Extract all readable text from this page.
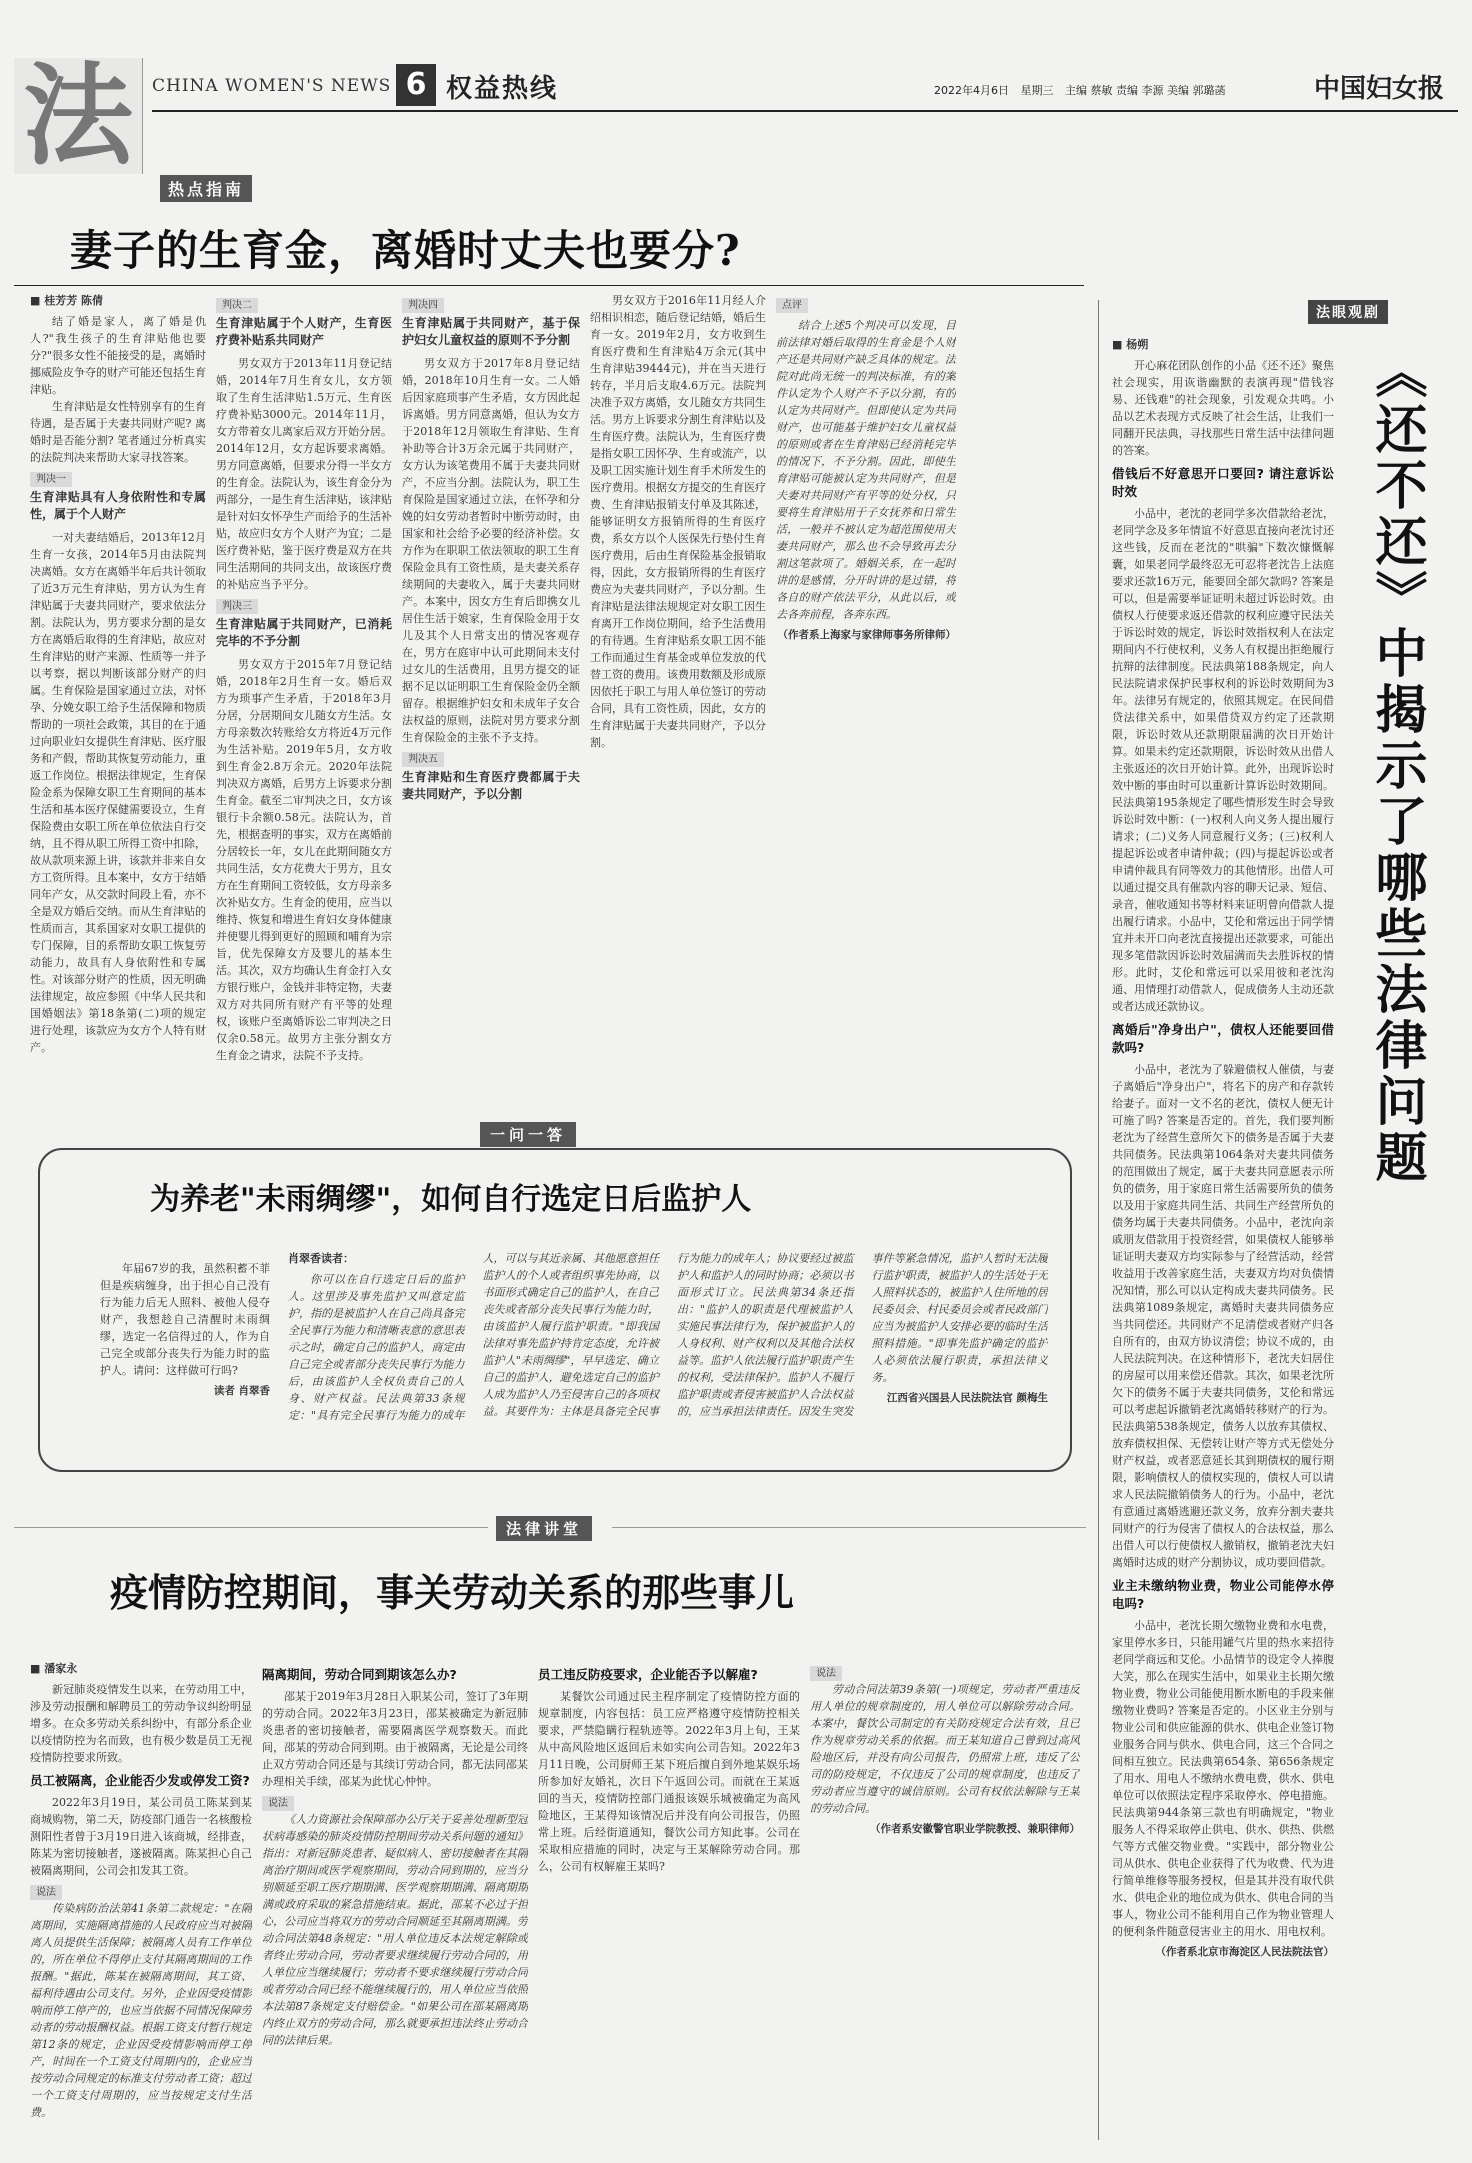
法	CHINA WOMEN'S NEWS 6 权益热线	2022年4月6日 星期三 主编 蔡敏 责编 李源 美编 郭璐菡	中国妇女报
热点指南
妻子的生育金，离婚时丈夫也要分?
■ 桂芳芳 陈倩

结了婚是家人，离了婚是仇人?"我生孩子的生育津贴他也要分?"很多女性不能接受的是，离婚时挪威险皮争夺的财产可能还包括生育津贴。

生育津贴是女性特别享有的生育待遇，是否属于夫妻共同财产呢? 离婚时是否能分割? 笔者通过分析真实的法院判决来帮助大家寻找答案。

判决一
生育津贴具有人身依附性和专属性，属于个人财产

一对夫妻结婚后，2013年12月生育一女孩，2014年5月由法院判决离婚。女方在离婚半年后共计领取了近3万元生育津贴，男方认为生育津贴属于夫妻共同财产，要求依法分割。法院认为，男方要求分割的是女方在离婚后取得的生育津贴，故应对生育津贴的财产来源、性质等一并予以考察，据以判断该部分财产的归属。生育保险是国家通过立法，对怀孕、分娩女职工给予生活保障和物质帮助的一项社会政策，其目的在于通过向职业妇女提供生育津贴、医疗服务和产假，帮助其恢复劳动能力，重返工作岗位。根据法律规定，生育保险金系为保障女职工生育期间的基本生活和基本医疗保健需要设立，生育保险费由女职工所在单位依法自行交纳，且不得从职工所得工资中扣除，故从款项来源上讲，该款并非来自女方工资所得。且本案中，女方于结婚同年产女，从交款时间段上看，亦不全是双方婚后交纳。而从生育津贴的性质而言，其系国家对女职工提供的专门保障，目的系帮助女职工恢复劳动能力，故具有人身依附性和专属性。对该部分财产的性质，因无明确法律规定，故应参照《中华人民共和国婚姻法》第18条第(二)项的规定进行处理，该款应为女方个人特有财产。

判决二
生育津贴属于个人财产，生育医疗费补贴系共同财产

男女双方于2013年11月登记结婚，2014年7月生育女儿，女方领取了生育生活津贴1.5万元、生育医疗费补贴3000元。2014年11月，女方带着女儿离家后双方开始分居。2014年12月，女方起诉要求离婚。男方同意离婚，但要求分得一半女方的生育金。法院认为，该生育金分为两部分，一是生育生活津贴，该津贴是针对妇女怀孕生产而给予的生活补贴，故应归女方个人财产为宜；二是医疗费补贴，鉴于医疗费是双方在共同生活期间的共同支出，故该医疗费的补贴应当予平分。

判决三
生育津贴属于共同财产，已消耗完毕的不予分割

男女双方于2015年7月登记结婚，2018年2月生育一女。婚后双方为琐事产生矛盾，于2018年3月分居，分居期间女儿随女方生活。女方母亲数次转账给女方将近4万元作为生活补贴。2019年5月，女方收到生育金2.8万余元。2020年法院判决双方离婚，后男方上诉要求分割生育金。截至二审判决之日，女方该银行卡余额0.58元。法院认为，首先，根据查明的事实，双方在离婚前分居较长一年，女儿在此期间随女方共同生活，女方花费大于男方，且女方在生育期间工资较低，女方母亲多次补贴女方。生育金的使用，应当以维持、恢复和增进生育妇女身体健康并使婴儿得到更好的照顾和哺育为宗旨，优先保障女方及婴儿的基本生活。其次，双方均确认生育金打入女方银行账户，金钱并非特定物，夫妻双方对共同所有财产有平等的处理权，该账户至离婚诉讼二审判决之日仅余0.58元。故男方主张分割女方生育金之请求，法院不予支持。

判决四
生育津贴属于共同财产，基于保护妇女儿童权益的原则不予分割

男女双方于2017年8月登记结婚，2018年10月生育一女。二人婚后因家庭琐事产生矛盾，女方因此起诉离婚。男方同意离婚，但认为女方于2018年12月领取生育津贴、生育补助等合计3万余元属于共同财产，女方认为该笔费用不属于夫妻共同财产，不应当分割。法院认为，职工生育保险是国家通过立法，在怀孕和分娩的妇女劳动者暂时中断劳动时，由国家和社会给予必要的经济补偿。女方作为在职职工依法领取的职工生育保险金具有工资性质，是夫妻关系存续期间的夫妻收入，属于夫妻共同财产。本案中，因女方生育后即携女儿居住生活于娘家，生育保险金用于女儿及其个人日常支出的情况客观存在，男方在庭审中认可此期间未支付过女儿的生活费用，且男方提交的证据不足以证明职工生育保险金仍全额留存。根据维护妇女和未成年子女合法权益的原则，法院对男方要求分割生育保险金的主张不予支持。

判决五
生育津贴和生育医疗费都属于夫妻共同财产，予以分割

男女双方于2016年11月经人介绍相识相恋，随后登记结婚，婚后生育一女。2019年2月，女方收到生育医疗费和生育津贴4万余元(其中生育津贴39444元)，并在当天进行转存，半月后支取4.6万元。法院判决准予双方离婚，女儿随女方共同生活。男方上诉要求分割生育津贴以及生育医疗费。法院认为，生育医疗费是指女职工因怀孕、生育或流产，以及职工因实施计划生育手术所发生的医疗费用。根据女方提交的生育医疗费、生育津贴报销支付单及其陈述，能够证明女方报销所得的生育医疗费，系女方以个人医保先行垫付生育医疗费用，后由生育保险基金报销取得，因此，女方报销所得的生育医疗费应为夫妻共同财产，予以分割。生育津贴是法律法规规定对女职工因生育离开工作岗位期间，给予生活费用的有待遇。生育津贴系女职工因不能工作而通过生育基金或单位发放的代替工资的费用。该费用数额及形成原因依托于职工与用人单位签订的劳动合同，具有工资性质，因此，女方的生育津贴属于夫妻共同财产，予以分割。

点评

结合上述5个判决可以发现，目前法律对婚后取得的生育金是个人财产还是共同财产缺乏具体的规定。法院对此尚无统一的判决标准，有的案件认定为个人财产不予以分割，有的认定为共同财产。但即使认定为共同财产，也可能基于维护妇女儿童权益的原则或者在生育津贴已经消耗完毕的情况下，不予分割。因此，即使生育津贴可能被认定为共同财产，但是夫妻对共同财产有平等的处分权，只要将生育津贴用于子女抚养和日常生活，一般并不被认定为超范围使用夫妻共同财产，那么也不会导致再去分割这笔款项了。婚姻关系，在一起时讲的是感情，分开时讲的是过错，将各自的财产依法平分，从此以后，或去各奔前程，各奔东西。

（作者系上海家与家律师事务所律师）
法眼观剧
■ 杨朔

开心麻花团队创作的小品《还不还》聚焦社会现实，用诙谐幽默的表演再现"借钱容易、还钱难"的社会现象，引发观众共鸣。小品以艺术表现方式反映了社会生活，让我们一同翻开民法典，寻找那些日常生活中法律问题的答案。

借钱后不好意思开口要回? 请注意诉讼时效

小品中，老沈的老同学多次借款给老沈，老同学念及多年情谊不好意思直接向老沈讨还这些钱，反而在老沈的"哄骗"下数次慷慨解囊，如果老同学最终忍无可忍将老沈告上法庭要求还款16万元，能要回全部欠款吗? 答案是可以，但是需要举证证明未超过诉讼时效。由债权人行使要求返还借款的权利应遵守民法关于诉讼时效的规定，诉讼时效指权利人在法定期间内不行使权利，义务人有权提出拒绝履行抗辩的法律制度。民法典第188条规定，向人民法院请求保护民事权利的诉讼时效期间为3年。法律另有规定的，依照其规定。在民间借贷法律关系中，如果借贷双方约定了还款期限，诉讼时效从还款期限届满的次日开始计算。如果未约定还款期限，诉讼时效从出借人主张返还的次日开始计算。此外，出现诉讼时效中断的事由时可以重新计算诉讼时效期间。民法典第195条规定了哪些情形发生时会导致诉讼时效中断：(一)权利人向义务人提出履行请求；(二)义务人同意履行义务；(三)权利人提起诉讼或者申请仲裁；(四)与提起诉讼或者申请仲裁具有同等效力的其他情形。出借人可以通过提交具有催款内容的聊天记录、短信、录音，催收通知书等材料来证明曾向借款人提出履行请求。小品中，艾伦和常远出于同学情宜并未开口向老沈直接提出还款要求，可能出现多笔借款因诉讼时效届满而失去胜诉权的情形。此时，艾伦和常远可以采用彼和老沈沟通、用情理打动借款人，促成债务人主动还款或者达成还款协议。

离婚后"净身出户"，债权人还能要回借款吗?

小品中，老沈为了躲避债权人催债，与妻子离婚后"净身出户"，将名下的房产和存款转给妻子。面对一文不名的老沈，债权人便无计可施了吗? 答案是否定的。首先，我们要判断老沈为了经营生意所欠下的债务是否属于夫妻共同债务。民法典第1064条对夫妻共同债务的范围做出了规定，属于夫妻共同意愿表示所负的债务，用于家庭日常生活需要所负的债务以及用于家庭共同生活、共同生产经营所负的债务均属于夫妻共同债务。小品中，老沈向亲戚朋友借款用于投资经营，如果债权人能够举证证明夫妻双方均实际参与了经营活动，经营收益用于改善家庭生活，夫妻双方均对负债情况知情，那么可以认定构成夫妻共同债务。民法典第1089条规定，离婚时夫妻共同债务应当共同偿还。共同财产不足清偿或者财产归各自所有的，由双方协议清偿；协议不成的，由人民法院判决。在这种情形下，老沈夫妇居住的房屋可以用来偿还借款。其次，如果老沈所欠下的债务不属于夫妻共同债务，艾伦和常远可以考虑起诉撤销老沈离婚转移财产的行为。民法典第538条规定，债务人以放弃其债权、放弃债权担保、无偿转让财产等方式无偿处分财产权益，或者恶意延长其到期债权的履行期限，影响债权人的债权实现的，债权人可以请求人民法院撤销债务人的行为。小品中，老沈有意通过离婚逃避还款义务，放弃分割夫妻共同财产的行为侵害了债权人的合法权益，那么出借人可以行使债权人撤销权，撤销老沈夫妇离婚时达成的财产分割协议，成功要回借款。

业主未缴纳物业费，物业公司能停水停电吗?

小品中，老沈长期欠缴物业费和水电费，家里停水多日，只能用罐气片里的热水来招待老同学商远和艾伦。小品情节的设定令人捧腹大笑，那么在现实生活中，如果业主长期欠缴物业费，物业公司能使用断水断电的手段来催缴物业费吗? 答案是否定的。小区业主分别与物业公司和供应能源的供水、供电企业签订物业服务合同与供水、供电合同，这三个合同之间相互独立。民法典第654条、第656条规定了用水、用电人不缴纳水费电费，供水、供电单位可以依照法定程序采取停水、停电措施。民法典第944条第三款也有明确规定，"物业服务人不得采取停止供电、供水、供热、供燃气等方式催交物业费。"实践中，部分物业公司从供水、供电企业获得了代为收费、代为进行简单维修等服务授权，但是其并没有取代供水、供电企业的地位成为供水、供电合同的当事人，物业公司不能利用自己作为物业管理人的便利条件随意侵害业主的用水、用电权利。

（作者系北京市海淀区人民法院法官）
《还不还》中揭示了哪些法律问题
一问一答
为养老"未雨绸缪"，如何自行选定日后监护人

年届67岁的我，虽然积蓄不菲但是疾病缠身，出于担心自己没有行为能力后无人照料、被他人侵夺财产，我想趁自己清醒时未雨绸缪，选定一名信得过的人，作为自己完全或部分丧失行为能力时的监护人。请问：这样做可行吗?

读者 肖翠香
肖翠香读者：

你可以在自行选定日后的监护人。这里涉及事先监护又叫意定监护，指的是被监护人在自己尚具备完全民事行为能力和清晰表意的意思表示之时，确定自己的监护人，商定由自己完全或者部分丧失民事行为能力后，由该监护人全权负责自己的人身、财产权益。民法典第33条规定："具有完全民事行为能力的成年人，可以与其近亲属、其他愿意担任监护人的个人或者组织事先协商，以书面形式确定自己的监护人，在自己丧失或者部分丧失民事行为能力时，由该监护人履行监护职责。"即我国法律对事先监护持肯定态度，允许被监护人"未雨绸缪"，早早选定、确立自己的监护人，避免选定自己的监护人成为监护人乃至侵害自己的各项权益。其要件为：主体是具备完全民事行为能力的成年人；协议要经过被监护人和监护人的同时协商；必须以书面形式订立。民法典第34条还指出："监护人的职责是代理被监护人实施民事法律行为，保护被监护人的人身权利、财产权利以及其他合法权益等。监护人依法履行监护职责产生的权利，受法律保护。监护人不履行监护职责或者侵害被监护人合法权益的，应当承担法律责任。因发生突发事件等紧急情况，监护人暂时无法履行监护职责，被监护人的生活处于无人照料状态的，被监护人住所地的居民委员会、村民委员会或者民政部门应当为被监护人安排必要的临时生活照料措施。"即事先监护确定的监护人必须依法履行职责，承担法律义务。

江西省兴国县人民法院法官 颜梅生
法律讲堂
疫情防控期间，事关劳动关系的那些事儿
■ 潘家永

新冠肺炎疫情发生以来，在劳动用工中，涉及劳动报酬和解聘员工的劳动争议纠纷明显增多。在众多劳动关系纠纷中，有部分系企业以疫情防控为名而致，也有极少数是员工无视疫情防控要求所致。

员工被隔离，企业能否少发或停发工资?

2022年3月19日，某公司员工陈某到某商城购物，第二天，防疫部门通告一名核酸检测阳性者曾于3月19日进入该商城，经排查，陈某为密切接触者，遂被隔离。陈某担心自己被隔离期间，公司会扣发其工资。

说法

传染病防治法第41条第二款规定："在隔离期间，实施隔离措施的人民政府应当对被隔离人员提供生活保障；被隔离人员有工作单位的，所在单位不得停止支付其隔离期间的工作报酬。"据此，陈某在被隔离期间，其工资、福利待遇由公司支付。另外，企业因受疫情影响而停工停产的，也应当依据不同情况保障劳动者的劳动报酬权益。根据工资支付暂行规定第12条的规定，企业因受疫情影响而停工停产，时间在一个工资支付周期内的，企业应当按劳动合同规定的标准支付劳动者工资；超过一个工资支付周期的，应当按规定支付生活费。

隔离期间，劳动合同到期该怎么办?

邵某于2019年3月28日入职某公司，签订了3年期的劳动合同。2022年3月23日，邵某被确定为新冠肺炎患者的密切接触者，需要隔离医学观察数天。而此间，邵某的劳动合同到期。由于被隔离，无论是公司终止双方劳动合同还是与其续订劳动合同，都无法同邵某办理相关手续，邵某为此忧心忡忡。

说法

《人力资源社会保障部办公厅关于妥善处理新型冠状病毒感染的肺炎疫情防控期间劳动关系问题的通知》指出：对新冠肺炎患者、疑似病人、密切接触者在其隔离治疗期间或医学观察期间，劳动合同到期的，应当分别顺延至职工医疗期期满、医学观察期期满、隔离期期满或政府采取的紧急措施结束。据此，邵某不必过于担心，公司应当将双方的劳动合同顺延至其隔离期满。劳动合同法第48条规定："用人单位违反本法规定解除或者终止劳动合同，劳动者要求继续履行劳动合同的，用人单位应当继续履行；劳动者不要求继续履行劳动合同或者劳动合同已经不能继续履行的，用人单位应当依照本法第87条规定支付赔偿金。"如果公司在邵某隔离期内终止双方的劳动合同，那么就要承担违法终止劳动合同的法律后果。

员工违反防疫要求，企业能否予以解雇?

某餐饮公司通过民主程序制定了疫情防控方面的规章制度，内容包括：员工应严格遵守疫情防控相关要求，严禁隐瞒行程轨迹等。2022年3月上旬，王某从中高风险地区返回后未如实向公司告知。2022年3月11日晚，公司厨师王某下班后擅自到外地某娱乐场所参加好友婚礼，次日下午返回公司。而就在王某返回的当天，疫情防控部门通报该娱乐城被确定为高风险地区，王某得知该情况后并没有向公司报告，仍照常上班。后经街道通知，餐饮公司方知此事。公司在采取相应措施的同时，决定与王某解除劳动合同。那么，公司有权解雇王某吗?

说法

劳动合同法第39条第(一)项规定，劳动者严重违反用人单位的规章制度的，用人单位可以解除劳动合同。本案中，餐饮公司制定的有关防疫规定合法有效，且已作为规章劳动关系的依据。而王某知道自己曾到过高风险地区后，并没有向公司报告，仍照常上班，违反了公司的防疫规定，不仅违反了公司的规章制度，也违反了劳动者应当遵守的诚信原则。公司有权依法解除与王某的劳动合同。

（作者系安徽警官职业学院教授、兼职律师）
